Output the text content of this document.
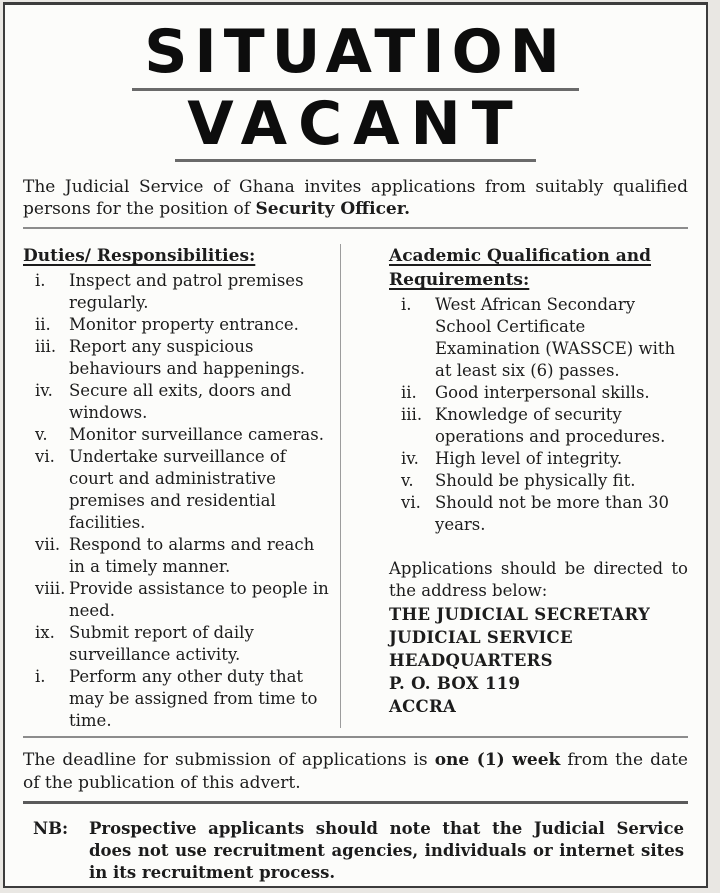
SITUATION
VACANT

The Judicial Service of Ghana invites applications from suitably qualified persons for the position of Security Officer.

Duties/ Responsibilities:
i.	Inspect and patrol premises regularly.
ii.	Monitor property entrance.
iii. Report any suspicious behaviours and happenings.
iv. Secure all exits, doors and windows.
v.	Monitor surveillance cameras.
vi. Undertake surveillance of court and administrative premises and residential facilities.
vii. Respond to alarms and reach in a timely manner.
viii. Provide assistance to people in need.
ix. Submit report of daily surveillance activity.
i.	Perform any other duty that may be assigned from time to time.
Academic Qualification and
Requirements:
i.	West African Secondary School Certificate Examination (WASSCE) with at least six (6) passes.
ii.	Good interpersonal skills.
iii. Knowledge of security operations and procedures.
iv. High level of integrity.
v.	Should be physically fit.
vi. Should not be more than 30 years.

Applications should be directed to the address below:

THE JUDICIAL SECRETARY
JUDICIAL SERVICE
HEADQUARTERS
P. O. BOX 119
ACCRA

The deadline for submission of applications is one (1) week from the date of the publication of this advert.

NB:	Prospective applicants should note that the Judicial Service does not use recruitment agencies, individuals or internet sites in its recruitment process.
